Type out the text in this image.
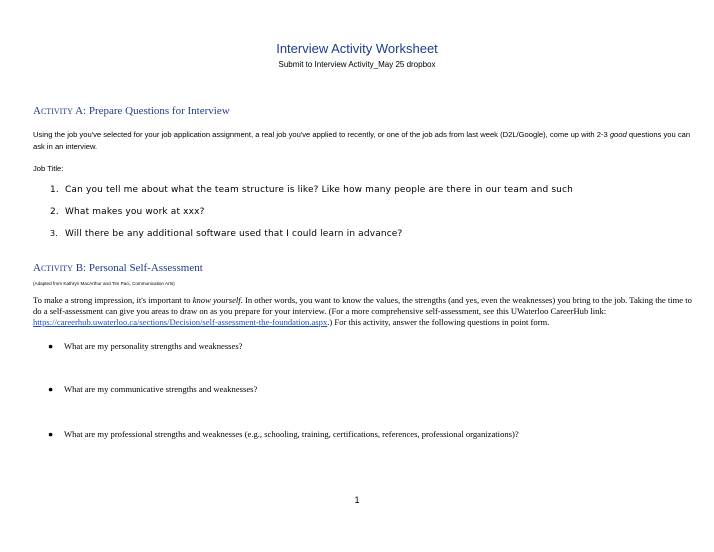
Interview Activity Worksheet
Submit to Interview Activity_May 25 dropbox
Activity A: Prepare Questions for Interview
Using the job you've selected for your job application assignment, a real job you've applied to recently, or one of the job ads from last week (D2L/Google), come up with 2-3 good questions you can ask in an interview.
Job Title:
1. Can you tell me about what the team structure is like? Like how many people are there in our team and such
2. What makes you work at xxx?
3. Will there be any additional software used that I could learn in advance?
Activity B: Personal Self-Assessment
(Adapted from Kathryn MacArthur and Tim Paci, Communication Arts)
To make a strong impression, it's important to know yourself. In other words, you want to know the values, the strengths (and yes, even the weaknesses) you bring to the job. Taking the time to do a self-assessment can give you areas to draw on as you prepare for your interview. (For a more comprehensive self-assessment, see this UWaterloo CareerHub link: https://careerhub.uwaterloo.ca/sections/Decision/self-assessment-the-foundation.aspx.) For this activity, answer the following questions in point form.
● What are my personality strengths and weaknesses?
● What are my communicative strengths and weaknesses?
● What are my professional strengths and weaknesses (e.g., schooling, training, certifications, references, professional organizations)?
1
